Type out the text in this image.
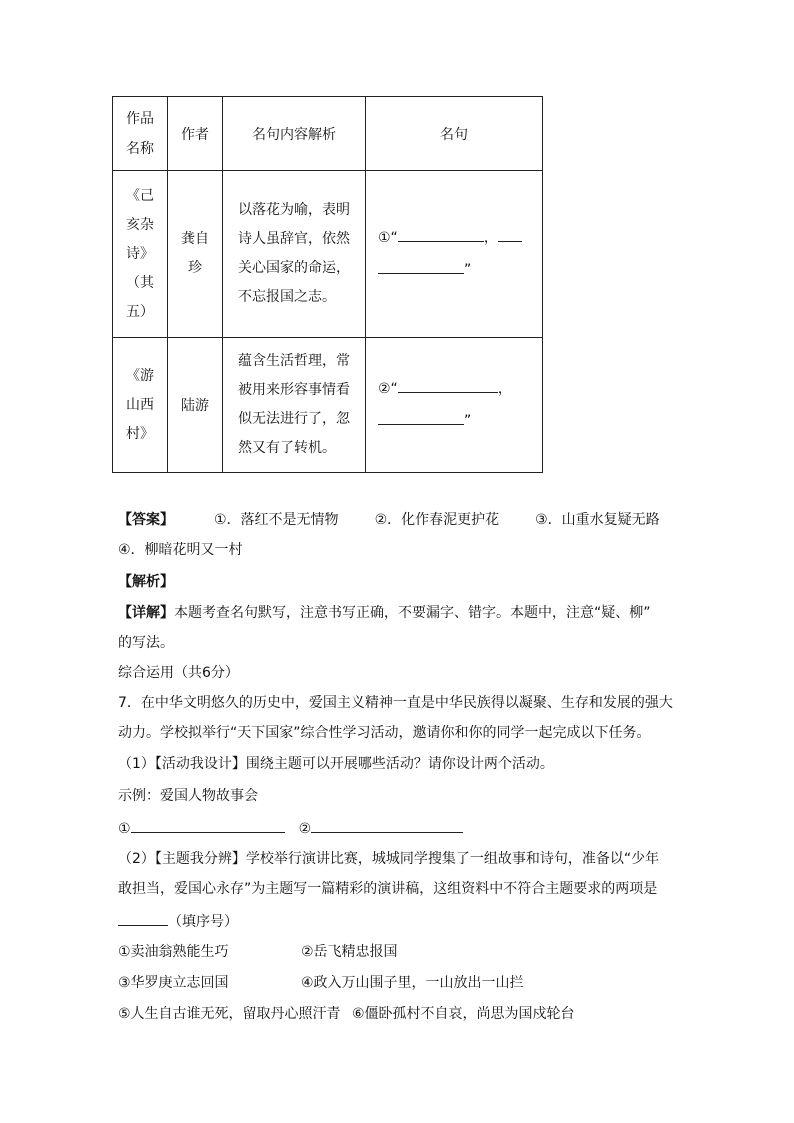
作品名称	作者	名句内容解析	名句
《己亥杂诗》（其五）	龚自珍	以落花为喻，表明诗人虽辞官，依然关心国家的命运，不忘报国之志。	①“ ，
”
《游山西村》	陆游	蕴含生活哲理，常被用来形容事情看似无法进行了，忽然又有了转机。	②“ ，
”
【答案】	①．落红不是无情物	②．化作春泥更护花	③．山重水复疑无路
④．柳暗花明又一村
【解析】
【详解】本题考查名句默写，注意书写正确，不要漏字、错字。本题中，注意“疑、柳”
的写法。
综合运用（共6分）
7．在中华文明悠久的历史中，爱国主义精神一直是中华民族得以凝聚、生存和发展的强大
动力。学校拟举行“天下国家”综合性学习活动，邀请你和你的同学一起完成以下任务。
（1）【活动我设计】围绕主题可以开展哪些活动？请你设计两个活动。
示例：爱国人物故事会
①	②
（2）【主题我分辨】学校举行演讲比赛，城城同学搜集了一组故事和诗句，准备以“少年
敢担当，爱国心永存”为主题写一篇精彩的演讲稿，这组资料中不符合主题要求的两项是
（填序号）
①卖油翁熟能生巧	②岳飞精忠报国
③华罗庚立志回国	④政入万山围子里，一山放出一山拦
⑤人生自古谁无死，留取丹心照汗青 ⑥僵卧孤村不自哀，尚思为国戍轮台
